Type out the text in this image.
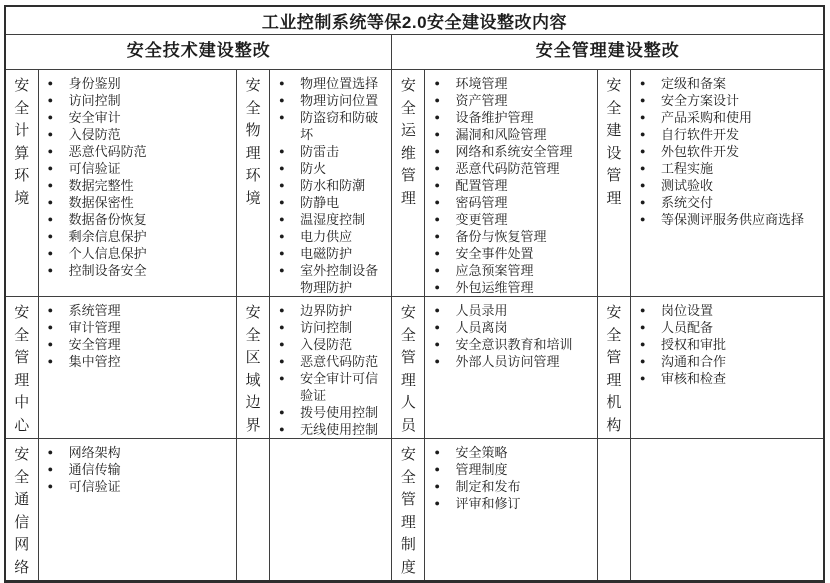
工业控制系统等保2.0安全建设整改内容							
安全技术建设整改				安全管理建设整改			
安全计算环境	
● 身份鉴别
● 访问控制
● 安全审计
● 入侵防范
● 恶意代码防范
● 可信验证
● 数据完整性
● 数据保密性
● 数据备份恢复
● 剩余信息保护
● 个人信息保护
● 控制设备安全
	安全物理环境	
● 物理位置选择
● 物理访问位置
● 防盗窃和防破坏
● 防雷击
● 防火
● 防水和防潮
● 防静电
● 温湿度控制
● 电力供应
● 电磁防护
● 室外控制设备物理防护
	安全运维管理	
● 环境管理
● 资产管理
● 设备维护管理
● 漏洞和风险管理
● 网络和系统安全管理
● 恶意代码防范管理
● 配置管理
● 密码管理
● 变更管理
● 备份与恢复管理
● 安全事件处置
● 应急预案管理
● 外包运维管理
	安全建设管理	
● 定级和备案
● 安全方案设计
● 产品采购和使用
● 自行软件开发
● 外包软件开发
● 工程实施
● 测试验收
● 系统交付
● 等保测评服务供应商选择

安全管理中心	
● 系统管理
● 审计管理
● 安全管理
● 集中管控
	安全区域边界	
● 边界防护
● 访问控制
● 入侵防范
● 恶意代码防范
● 安全审计可信验证
● 拨号使用控制
● 无线使用控制
	安全管理人员	
● 人员录用
● 人员离岗
● 安全意识教育和培训
● 外部人员访问管理
	安全管理机构	
● 岗位设置
● 人员配备
● 授权和审批
● 沟通和合作
● 审核和检查

安全通信网络	
● 网络架构
● 通信传输
● 可信验证

	安全管理制度	
● 安全策略
● 管理制度
● 制定和发布
● 评审和修订
